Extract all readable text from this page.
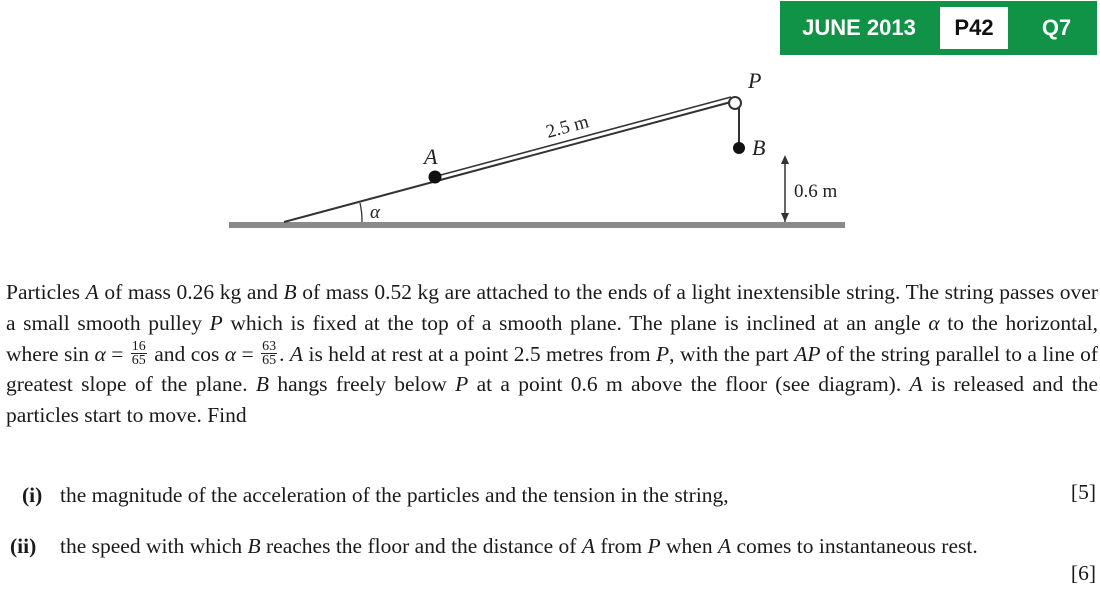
JUNE 2013	P42	Q7
P
A	B
2.5 m
0.6 m
α
Particles A of mass 0.26 kg and B of mass 0.52 kg are attached to the ends of a light inextensible string. The string passes over a small smooth pulley P which is fixed at the top of a smooth plane. The plane is inclined at an angle α to the horizontal, where $\sin \alpha = \frac{16}{65}$ and $\cos \alpha = \frac{63}{65}$ . A is held at rest at a point 2.5 metres from P, with the part AP of the string parallel to a line of greatest slope of the plane. B hangs freely below P at a point 0.6 m above the floor (see diagram). A is released and the particles start to move. Find
(i) the magnitude of the acceleration of the particles and the tension in the string,	[5]
(ii) the speed with which B reaches the floor and the distance of A from P when A comes to instantaneous rest.
[6]
